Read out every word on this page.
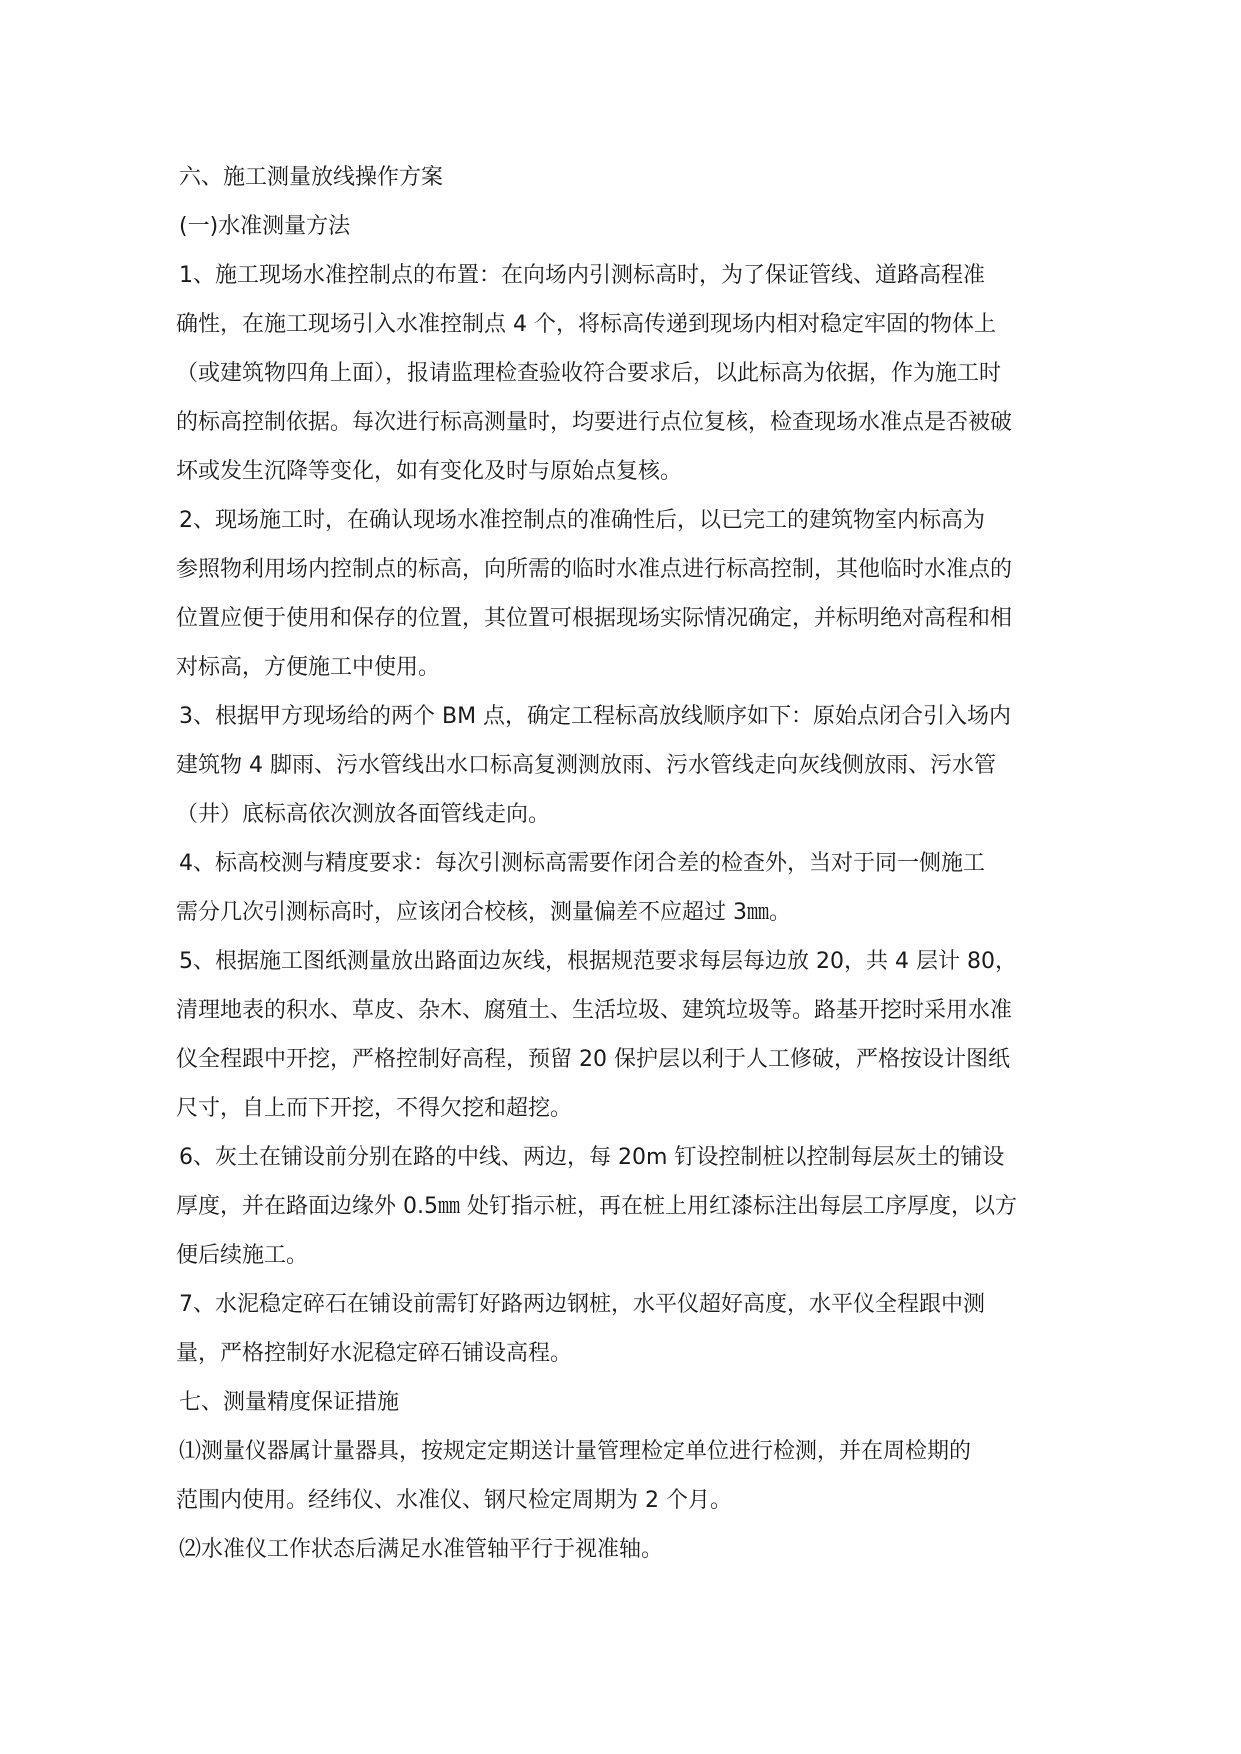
六、施工测量放线操作方案
(一)水准测量方法
1、施工现场水准控制点的布置：在向场内引测标高时，为了保证管线、道路高程准
确性，在施工现场引入水准控制点 4 个，将标高传递到现场内相对稳定牢固的物体上
（或建筑物四角上面），报请监理检查验收符合要求后，以此标高为依据，作为施工时
的标高控制依据。每次进行标高测量时，均要进行点位复核，检查现场水准点是否被破
坏或发生沉降等变化，如有变化及时与原始点复核。
2、现场施工时，在确认现场水准控制点的准确性后，以已完工的建筑物室内标高为
参照物利用场内控制点的标高，向所需的临时水准点进行标高控制，其他临时水准点的
位置应便于使用和保存的位置，其位置可根据现场实际情况确定，并标明绝对高程和相
对标高，方便施工中使用。
3、根据甲方现场给的两个 BM 点，确定工程标高放线顺序如下：原始点闭合引入场内
建筑物 4 脚雨、污水管线出水口标高复测测放雨、污水管线走向灰线侧放雨、污水管
（井）底标高依次测放各面管线走向。
4、标高校测与精度要求：每次引测标高需要作闭合差的检查外，当对于同一侧施工
需分几次引测标高时，应该闭合校核，测量偏差不应超过 3㎜。
5、根据施工图纸测量放出路面边灰线，根据规范要求每层每边放 20，共 4 层计 80，
清理地表的积水、草皮、杂木、腐殖土、生活垃圾、建筑垃圾等。路基开挖时采用水准
仪全程跟中开挖，严格控制好高程，预留 20 保护层以利于人工修破，严格按设计图纸
尺寸，自上而下开挖，不得欠挖和超挖。
6、灰土在铺设前分别在路的中线、两边，每 20m 钉设控制桩以控制每层灰土的铺设
厚度，并在路面边缘外 0.5㎜ 处钉指示桩，再在桩上用红漆标注出每层工序厚度，以方
便后续施工。
7、水泥稳定碎石在铺设前需钉好路两边钢桩，水平仪超好高度，水平仪全程跟中测
量，严格控制好水泥稳定碎石铺设高程。
七、测量精度保证措施
⑴测量仪器属计量器具，按规定定期送计量管理检定单位进行检测，并在周检期的
范围内使用。经纬仪、水准仪、钢尺检定周期为 2 个月。
⑵水准仪工作状态后满足水准管轴平行于视准轴。
